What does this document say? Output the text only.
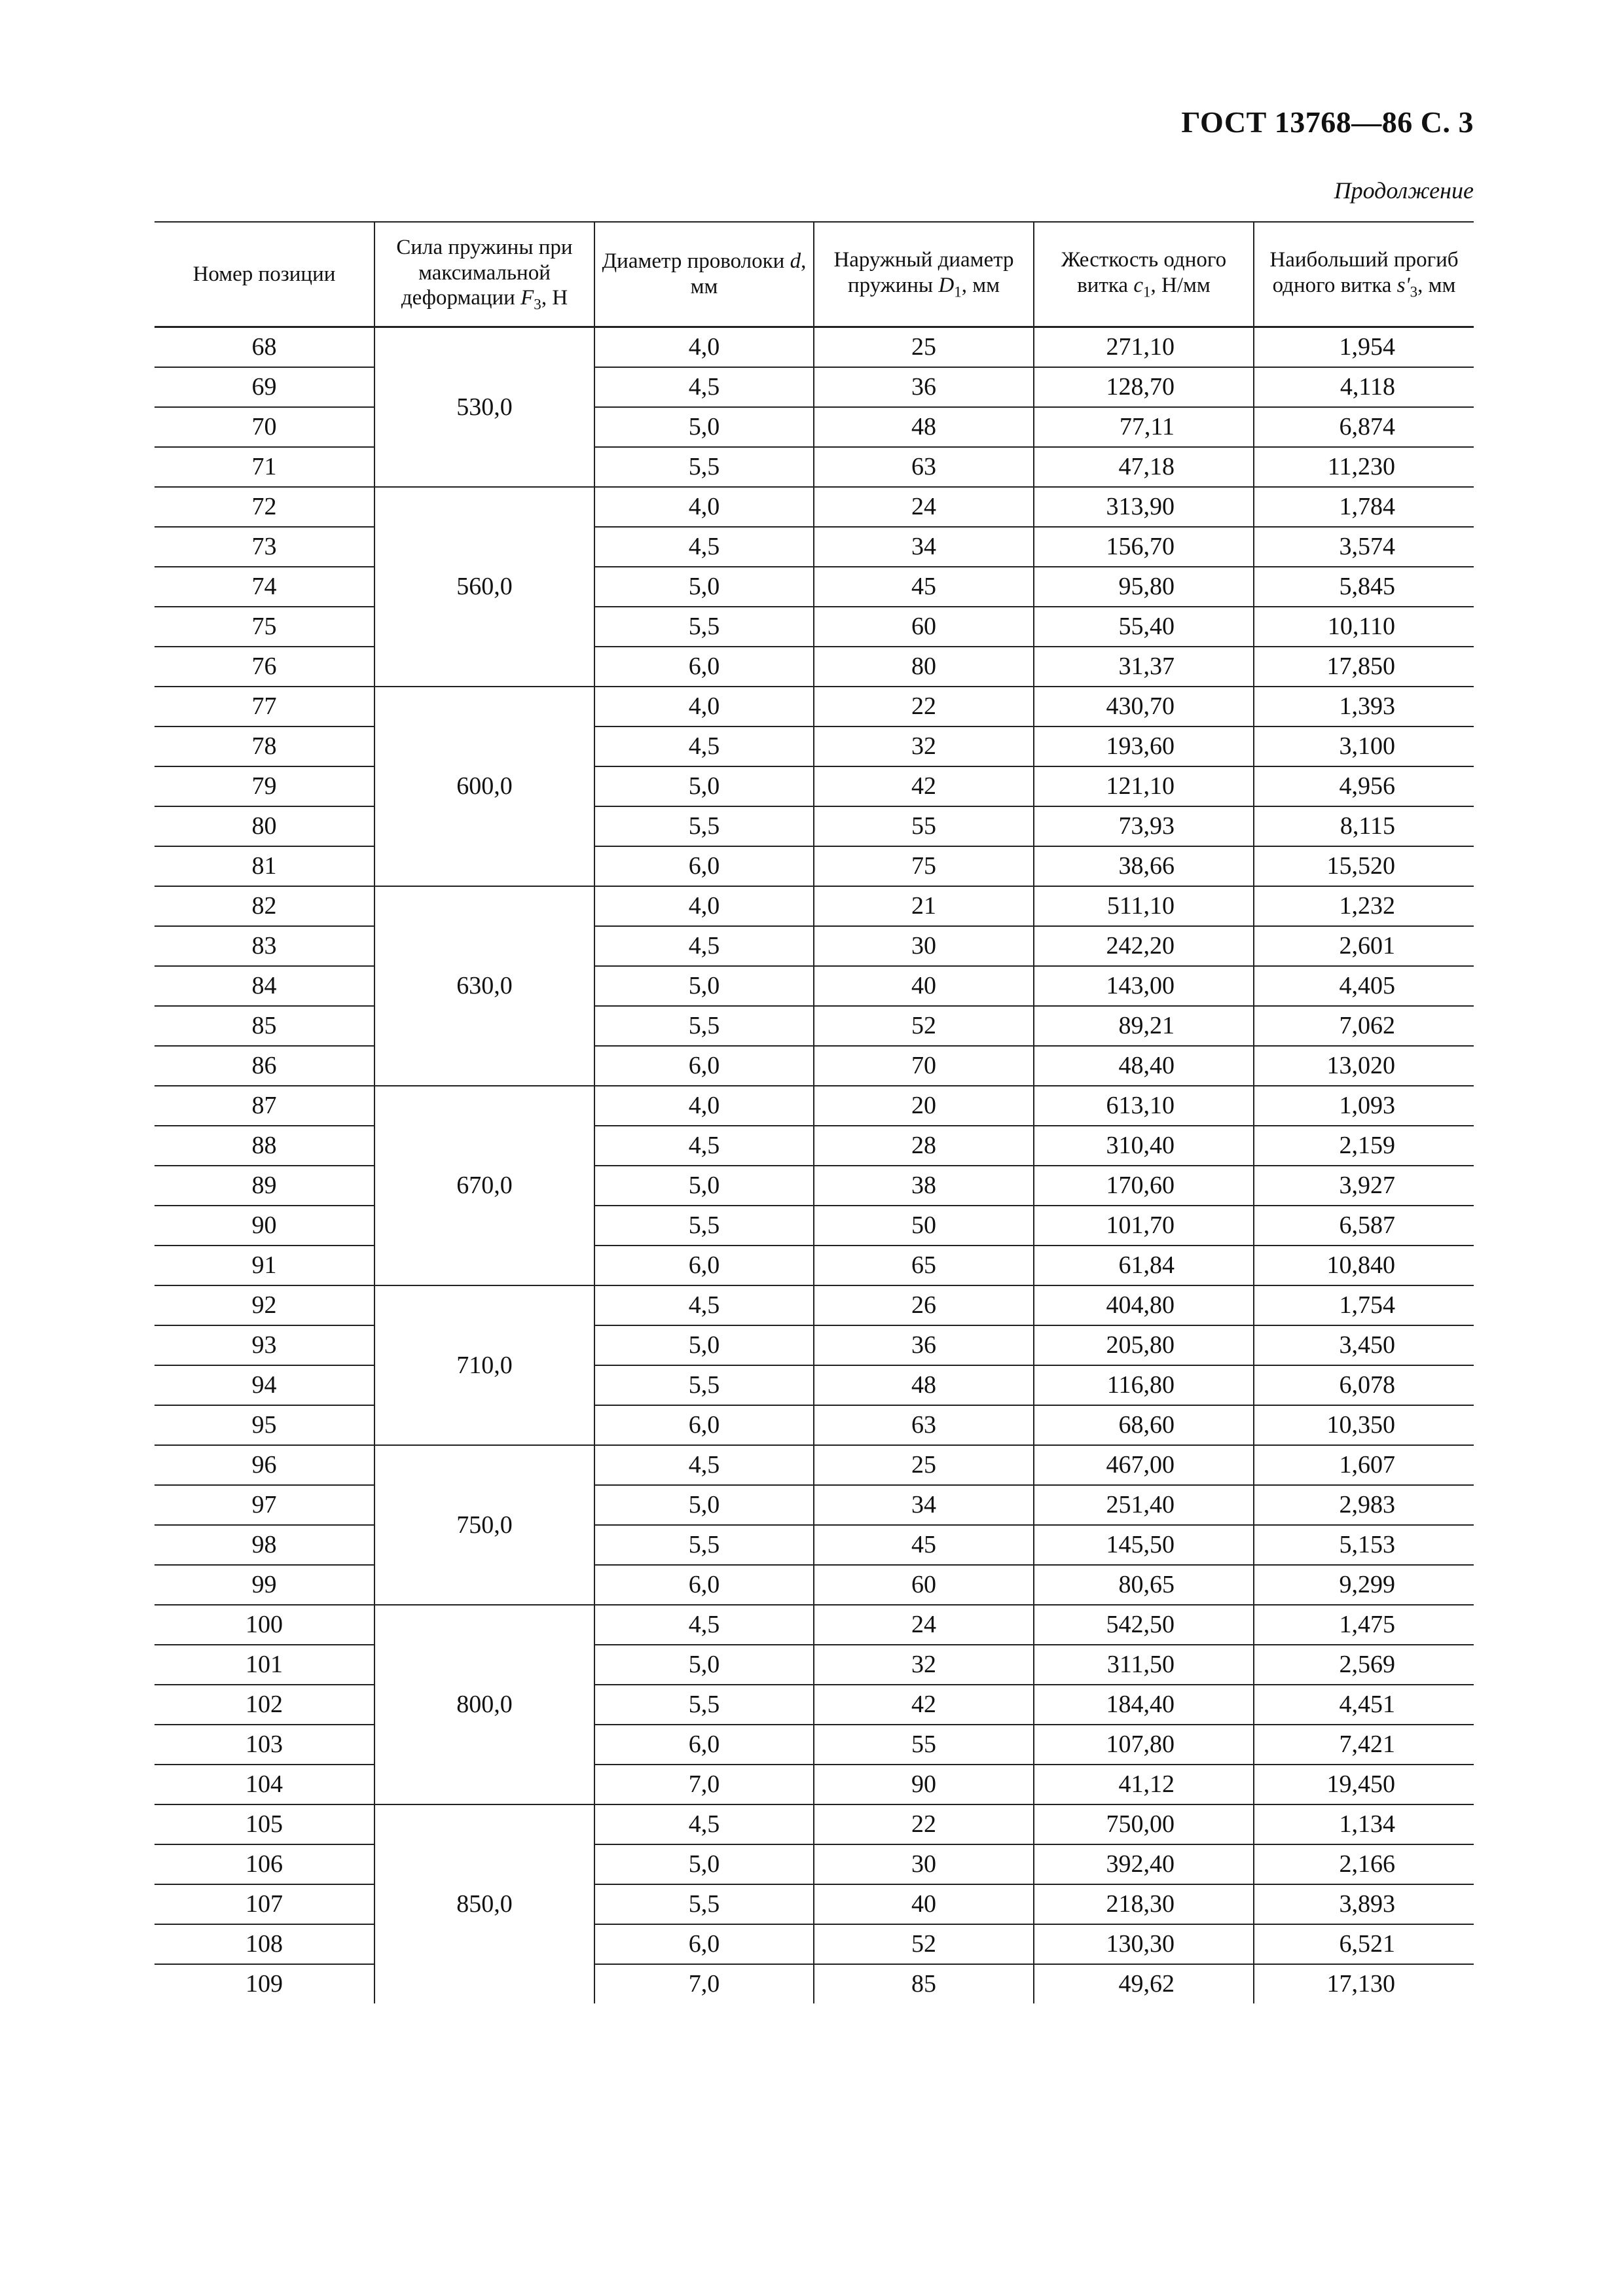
ГОСТ 13768—86 С. 3
Продолжение
Номер позиции	Сила пружины при максимальной деформации $F_3$, Н	Диаметр проволоки d, мм	Наружный диаметр пружины $D_1$, мм	Жесткость одного витка $c_1$, Н/мм	Наибольший прогиб одного витка $s'_3$, мм
68	530,0	4,0	25	271,10	1,954
69		4,5	36	128,70	4,118
70		5,0	48	77,11	6,874
71		5,5	63	47,18	11,230
72	560,0	4,0	24	313,90	1,784
73		4,5	34	156,70	3,574
74		5,0	45	95,80	5,845
75		5,5	60	55,40	10,110
76		6,0	80	31,37	17,850
77	600,0	4,0	22	430,70	1,393
78		4,5	32	193,60	3,100
79		5,0	42	121,10	4,956
80		5,5	55	73,93	8,115
81		6,0	75	38,66	15,520
82	630,0	4,0	21	511,10	1,232
83		4,5	30	242,20	2,601
84		5,0	40	143,00	4,405
85		5,5	52	89,21	7,062
86		6,0	70	48,40	13,020
87	670,0	4,0	20	613,10	1,093
88		4,5	28	310,40	2,159
89		5,0	38	170,60	3,927
90		5,5	50	101,70	6,587
91		6,0	65	61,84	10,840
92	710,0	4,5	26	404,80	1,754
93		5,0	36	205,80	3,450
94		5,5	48	116,80	6,078
95		6,0	63	68,60	10,350
96	750,0	4,5	25	467,00	1,607
97		5,0	34	251,40	2,983
98		5,5	45	145,50	5,153
99		6,0	60	80,65	9,299
100	800,0	4,5	24	542,50	1,475
101		5,0	32	311,50	2,569
102		5,5	42	184,40	4,451
103		6,0	55	107,80	7,421
104		7,0	90	41,12	19,450
105	850,0	4,5	22	750,00	1,134
106		5,0	30	392,40	2,166
107		5,5	40	218,30	3,893
108		6,0	52	130,30	6,521
109		7,0	85	49,62	17,130
